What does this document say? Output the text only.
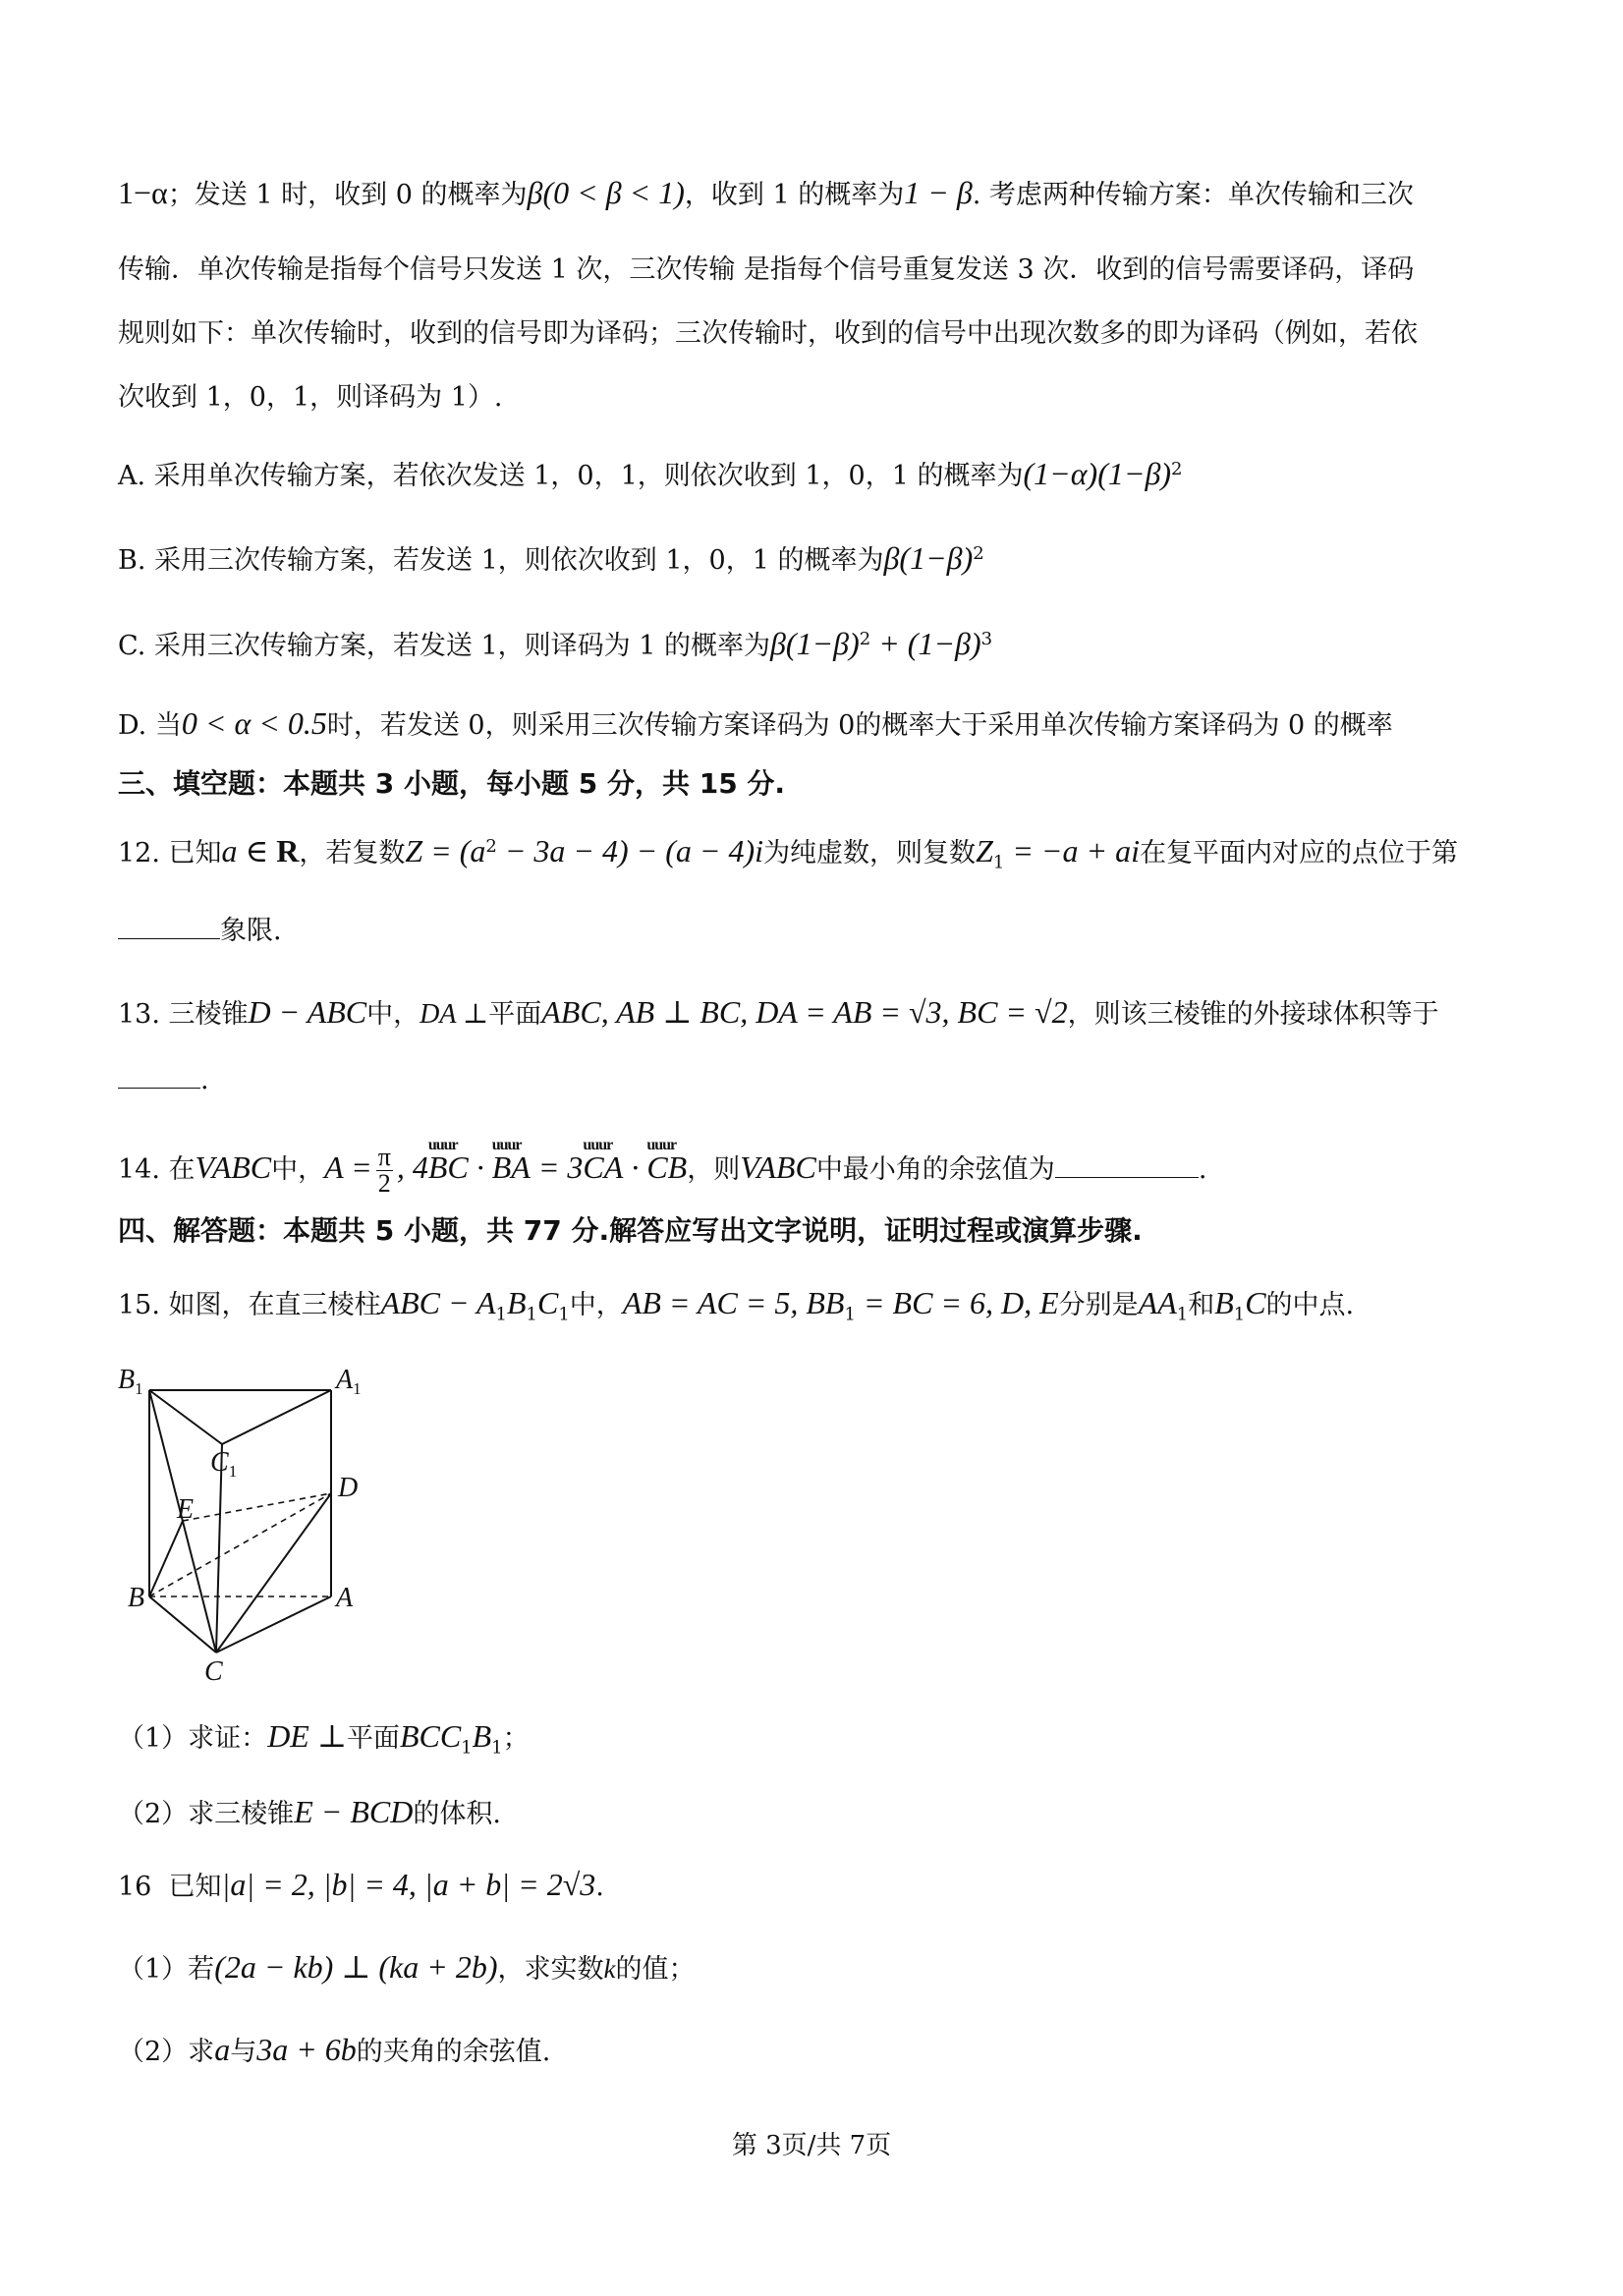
1−α；发送 1 时，收到 0 的概率为β(0 < β < 1)，收到 1 的概率为1 − β. 考虑两种传输方案：单次传输和三次
传输．单次传输是指每个信号只发送 1 次，三次传输 是指每个信号重复发送 3 次．收到的信号需要译码，译码
规则如下：单次传输时，收到的信号即为译码；三次传输时，收到的信号中出现次数多的即为译码（例如，若依
次收到 1，0，1，则译码为 1）.
A. 采用单次传输方案，若依次发送 1，0，1，则依次收到 1，0，1 的概率为$(1-\alpha)(1-\beta)^2$
B. 采用三次传输方案，若发送 1，则依次收到 1，0，1 的概率为$\beta(1-\beta)^2$
C. 采用三次传输方案，若发送 1，则译码为 1 的概率为$\beta(1-\beta)^2 + (1-\beta)^3$
D. 当0 < α < 0.5时，若发送 0，则采用三次传输方案译码为 0的概率大于采用单次传输方案译码为 0 的概率
三、填空题：本题共 3 小题，每小题 5 分，共 15 分.
12. 已知a ∈ R，若复数$Z = (a^2 - 3a - 4) - (a - 4)i$为纯虚数，则复数$Z_1 = -a$ + ai在复平面内对应的点位于第
象限.
13. 三棱锥D − ABC中，DA ⊥平面ABC, AB ⊥ BC, DA = AB = √3, BC = √2，则该三棱锥的外接球体积等于
.
14. 在VABC中，$A = \frac{\pi}{2}$ , 4uuur BC · uuur BA = 3uuur CA · uuur CB，则VABC中最小角的余弦值为	.
四、解答题：本题共 5 小题，共 77 分.解答应写出文字说明，证明过程或演算步骤.
15. 如图，在直三棱柱ABC − $A_1B_1C_1$中，AB = AC = 5, $BB_1$ = BC = 6, D, E分别是$AA_1$和$B_1C$的中点.
$B_1$	$A_1$
$C_1$
D
E
B	A
C
（1）求证：DE ⊥平面$BCC_1B_1$；
（2）求三棱锥E − BCD的体积.
16 已知|a| = 2, |b| = 4, |a + b| = 2√3.
（1）若(2a − kb) ⊥ (ka + 2b)，求实数k的值；
（2）求a与3a + 6b的夹角的余弦值.
第 3页/共 7页
